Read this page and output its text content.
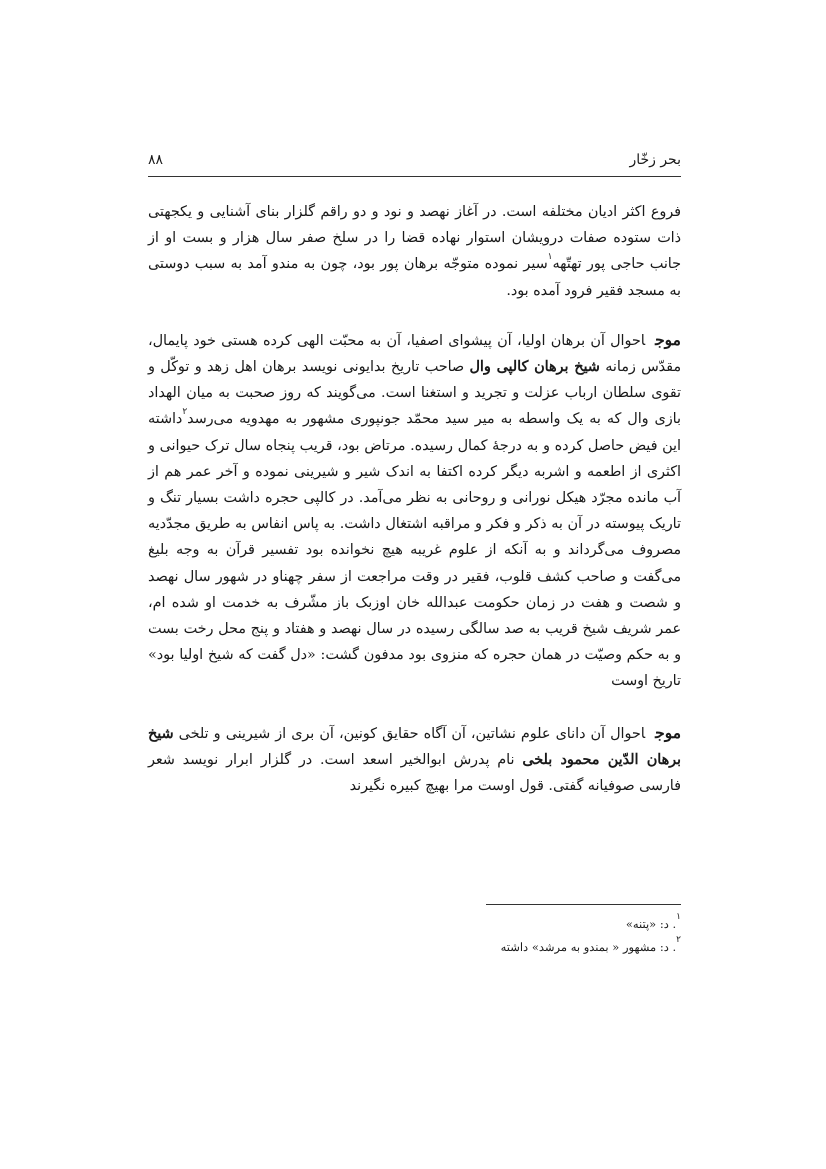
بحر زخّار
۸۸

فروع اکثر ادیان مختلفه است. در آغاز نهصد و نود و دو راقم گلزار بنای آشنایی و یکجهتی ذات ستوده صفات درویشان استوار نهاده قضا را در سلخ صفر سال هزار و بست او از جانب حاجی پور تهتّهه$^۱$سیر نموده متوجّه برهان پور بود، چون به مندو آمد به سبب دوستی به مسجد فقیر فرود آمده بود.

موجاحوال آن برهان اولیا، آن پیشوای اصفیا، آن به محبّت الهی کرده هستی خود پایمال، مقدّس زمانه شیخ برهان کالپی وال صاحب تاریخ بدایونی نویسد برهان اهل زهد و توکّل و تقوی سلطان ارباب عزلت و تجرید و استغنا است. می‌گویند که روز صحبت به میان الهداد بازی وال که به یک واسطه به میر سید محمّد جونپوری مشهور به مهدویه می‌رسد$^۲$داشته این فیض حاصل کرده و به درجهٔ کمال رسیده. مرتاض بود، قریب پنجاه سال ترک حیوانی و اکثری از اطعمه و اشربه دیگر کرده اکتفا به اندک شیر و شیرینی نموده و آخر عمر هم از آب مانده مجرّد هیکل نورانی و روحانی به نظر می‌آمد. در کالپی حجره داشت بسیار تنگ و تاریک پیوسته در آن به ذکر و فکر و مراقبه اشتغال داشت. به پاس انفاس به طریق مجدّدیه مصروف می‌گرداند و به آنکه از علوم غریبه هیچ نخوانده بود تفسیر قرآن به وجه بلیغ می‌گفت و صاحب کشف قلوب، فقیر در وقت مراجعت از سفر چهناو در شهور سال نهصد و شصت و هفت در زمان حکومت عبدالله خان اوزبک باز مشّرف به خدمت او شده ام، عمر شریف شیخ قریب به صد سالگی رسیده در سال نهصد و هفتاد و پنج محل رخت بست و به حکم وصیّت در همان حجره که منزوی بود مدفون گشت: «دل گفت که شیخ اولیا بود» تاریخ اوست

موجاحوال آن دانای علوم نشاتین، آن آگاه حقایق کونین، آن بری از شیرینی و تلخی شیخ برهان الدّین محمود بلخی نام پدرش ابوالخیر اسعد است. در گلزار ابرار نویسد شعر فارسی صوفیانه گفتی. قول اوست مرا بهیچ کبیره نگیرند

$^۱$. د: «پتنه»
$^۲$. د: مشهور « بمندو به مرشد» داشته
